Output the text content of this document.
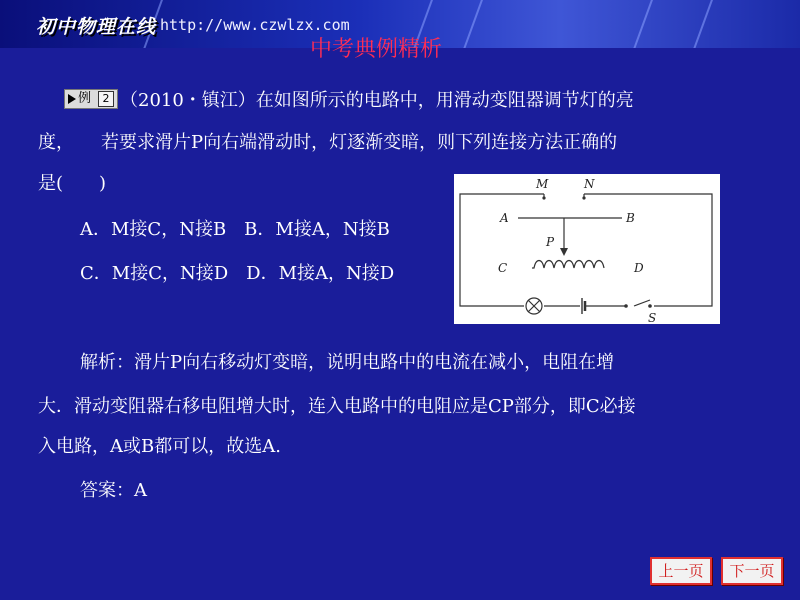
初中物理在线 http://www.czwlzx.com
中考典例精析
例	2 （2010・镇江）在如图所示的电路中，用滑动变阻器调节灯的亮
度，　　若要求滑片P向右端滑动时，灯逐渐变暗，则下列连接方法正确的
是(　　)
A．M接C，N接B　B．M接A，N接B
C．M接C，N接D　D．M接A，N接D
M	N
A	B
P
C	D
S
解析：滑片P向右移动灯变暗，说明电路中的电流在减小，电阻在增
大．滑动变阻器右移电阻增大时，连入电路中的电阻应是CP部分，即C必接
入电路，A或B都可以，故选A.
答案：A
上一页	下一页
